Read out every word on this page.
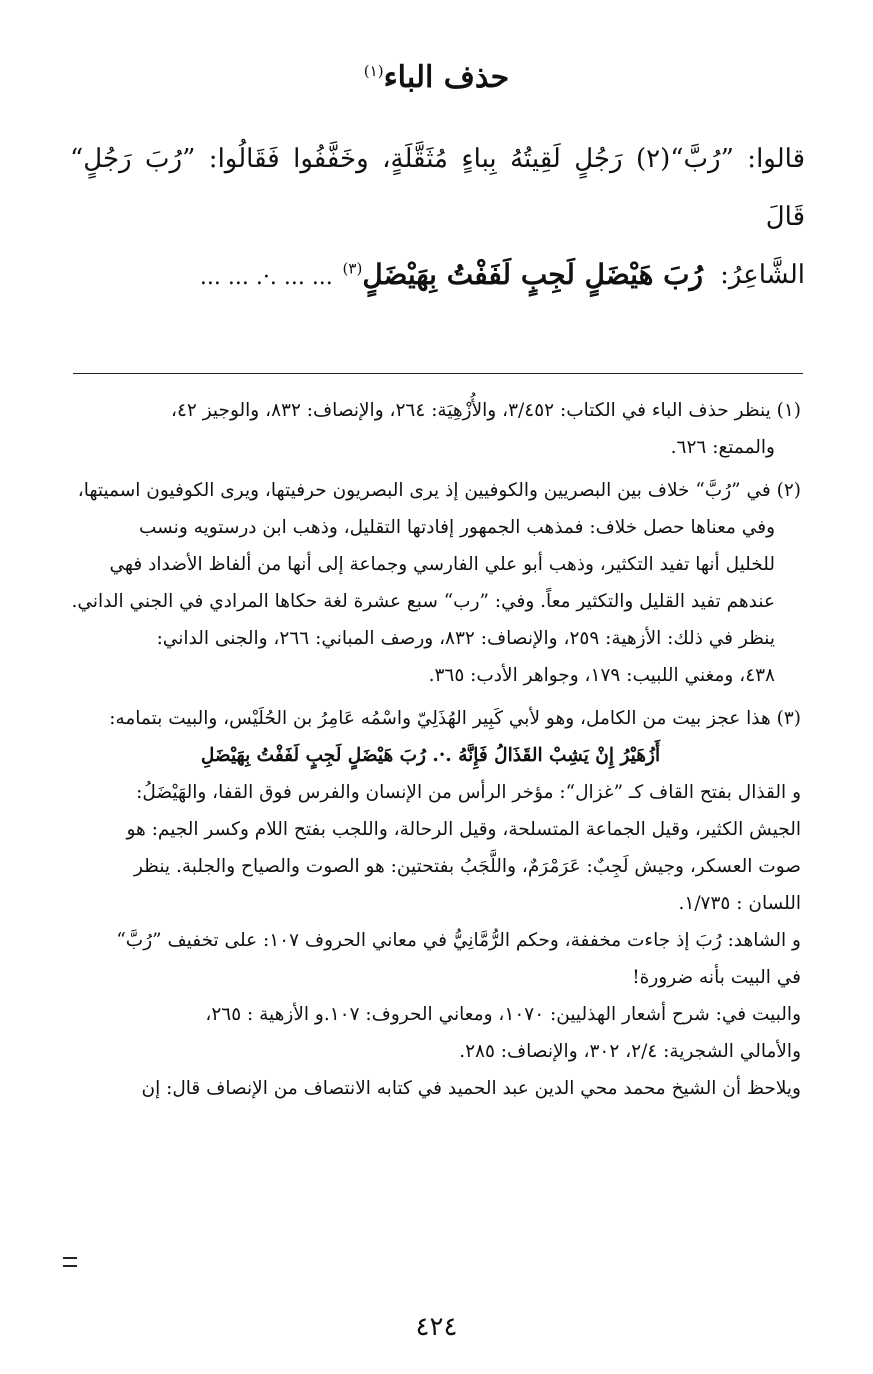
حذف الباء$^{(١)}$
قالوا: ”رُبَّ“(٢) رَجُلٍ لَقِيتُهُ بِباءٍ مُثَقَّلَةٍ، وخَفَّفُوا فَقَالُوا: ”رُبَ رَجُلٍ“ قَالَ
الشَّاعِرُ:
رُبَ هَيْضَلٍ لَجِبٍ لَفَفْتُ بِهَيْضَلٍ$^{(٣)}$ ... ... .·. ... ...

(١) ينظر حذف الباء في الكتاب: ٣/٤٥٢، والأُزْهِيَة: ٢٦٤، والإنصاف: ٨٣٢، والوجيز ٤٢،

والممتع: ٦٢٦.

(٢) في ”رُبَّ“ خلاف بين البصريين والكوفيين إذ يرى البصريون حرفيتها، ويرى الكوفيون اسميتها،

وفي معناها حصل خلاف: فمذهب الجمهور إفادتها التقليل، وذهب ابن درستويه ونسب

للخليل أنها تفيد التكثير، وذهب أبو علي الفارسي وجماعة إلى أنها من ألفاظ الأضداد فهي

عندهم تفيد القليل والتكثير معاً. وفي: ”رب“ سبع عشرة لغة حكاها المرادي في الجني الداني.

ينظر في ذلك: الأزهية: ٢٥٩، والإنصاف: ٨٣٢، ورصف المباني: ٢٦٦، والجنى الداني:

٤٣٨، ومغني اللبيب: ١٧٩، وجواهر الأدب: ٣٦٥.

(٣) هذا عجز بيت من الكامل، وهو لأبي كَبِير الهُذَلِيّ واسْمُه عَامِرُ بن الحُلَيْس، والبيت بتمامه:

أَزُهَيْرُ إِنْ يَشِبْ القَذَالُ فَإِنَّهُ .·. رُبَ هَيْضَلٍ لَجِبٍ لَفَفْتُ بِهَيْضَلِ

و القذال بفتح القاف كـ ”غزال“: مؤخر الرأس من الإنسان والفرس فوق القفا، والهَيْضَلُ:

الجيش الكثير، وقيل الجماعة المتسلحة، وقيل الرحالة، واللجب بفتح اللام وكسر الجيم: هو

صوت العسكر، وجيش لَجِبٌ: عَرَمْرَمٌ، واللَّجَبُ بفتحتين: هو الصوت والصياح والجلبة. ينظر

اللسان : ١/٧٣٥.

و الشاهد: رُبَ إذ جاءت مخففة، وحكم الرُّمَّانِيُّ في معاني الحروف ١٠٧: على تخفيف ”رُبَّ“

في البيت بأنه ضرورة!

والبيت في: شرح أشعار الهذليين: ١٠٧٠، ومعاني الحروف: ١٠٧.و الأزهية : ٢٦٥،

والأمالي الشجرية: ٢/٤، ٣٠٢، والإنصاف: ٢٨٥.

ويلاحظ أن الشيخ محمد محي الدين عبد الحميد في كتابه الانتصاف من الإنصاف قال: إن

٤٢٤
